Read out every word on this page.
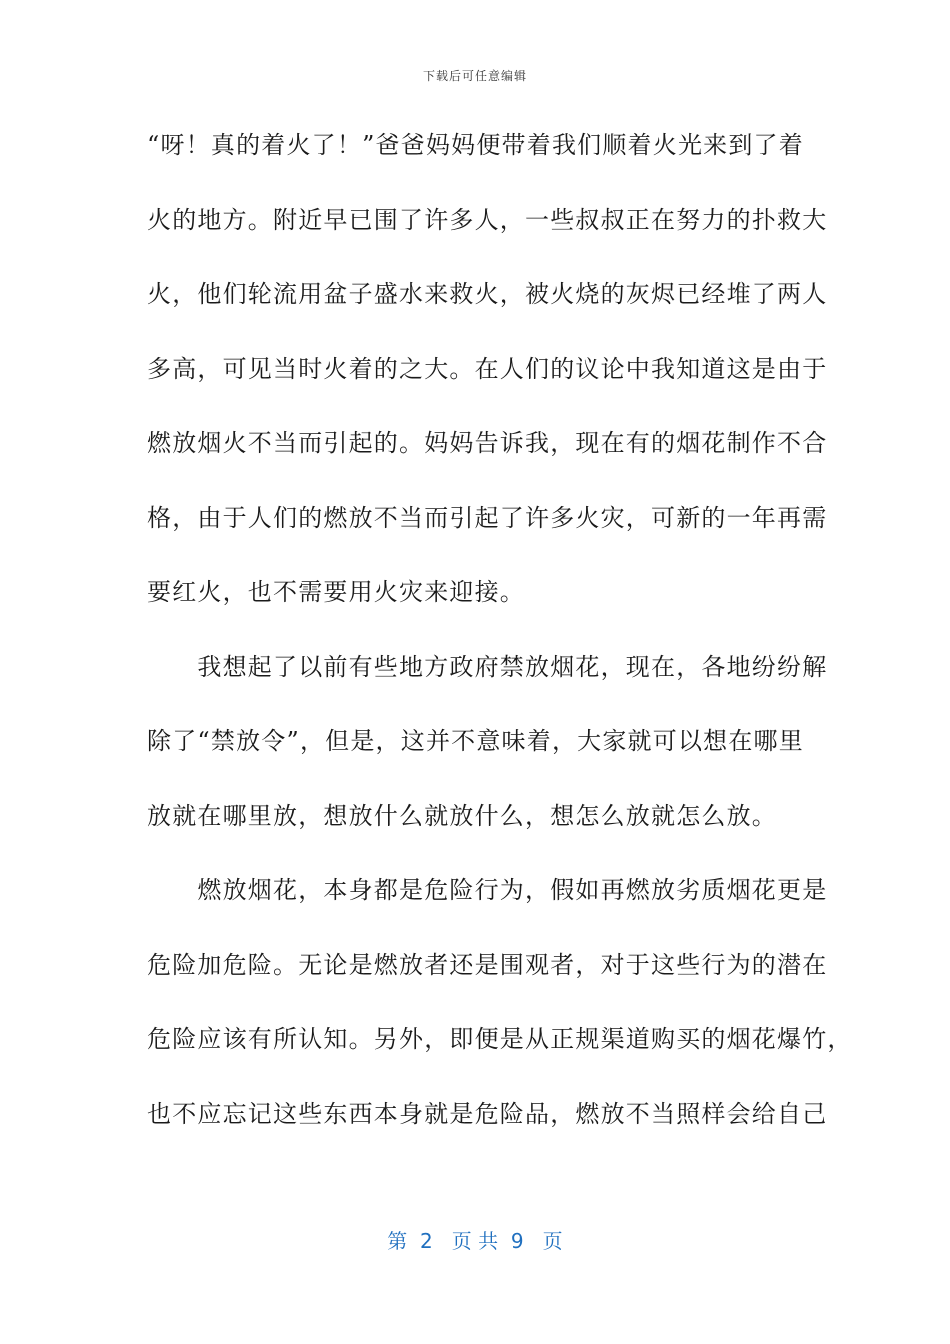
下载后可任意编辑

“呀！真的着火了！”爸爸妈妈便带着我们顺着火光来到了着
火的地方。附近早已围了许多人，一些叔叔正在努力的扑救大
火，他们轮流用盆子盛水来救火，被火烧的灰烬已经堆了两人
多高，可见当时火着的之大。在人们的议论中我知道这是由于
燃放烟火不当而引起的。妈妈告诉我，现在有的烟花制作不合
格，由于人们的燃放不当而引起了许多火灾，可新的一年再需
要红火，也不需要用火灾来迎接。

　　我想起了以前有些地方政府禁放烟花，现在，各地纷纷解
除了“禁放令”，但是，这并不意味着，大家就可以想在哪里
放就在哪里放，想放什么就放什么，想怎么放就怎么放。

　　燃放烟花，本身都是危险行为，假如再燃放劣质烟花更是
危险加危险。无论是燃放者还是围观者，对于这些行为的潜在
危险应该有所认知。另外，即便是从正规渠道购买的烟花爆竹，
也不应忘记这些东西本身就是危险品，燃放不当照样会给自己

第  2   页 共  9   页
